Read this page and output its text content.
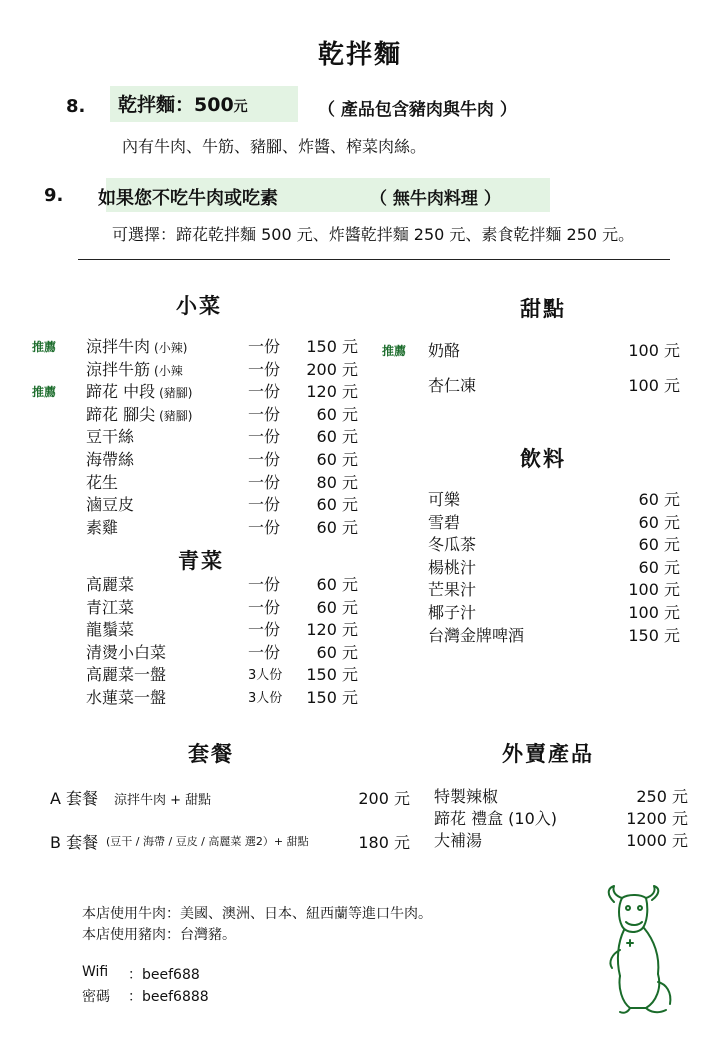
乾拌麵
8.	乾拌麵：500元	（ 產品包含豬肉與牛肉 ）
內有牛肉、牛筋、豬腳、炸醬、榨菜肉絲。
9. 如果您不吃牛肉或吃素	（ 無牛肉料理 ）
可選擇：蹄花乾拌麵 500 元、炸醬乾拌麵 250 元、素食乾拌麵 250 元。
小菜
推薦 涼拌牛肉 (小辣)	一份	150 元
涼拌牛筋 (小辣	一份	200 元
推薦 蹄花 中段 (豬腳)	一份	120 元
蹄花 腳尖 (豬腳)	一份	60 元
豆干絲	一份	60 元
海帶絲	一份	60 元
花生	一份	80 元
滷豆皮	一份	60 元
素雞	一份	60 元
青菜
高麗菜	一份	60 元
青江菜	一份	60 元
龍鬚菜	一份	120 元
清燙小白菜	一份	60 元
高麗菜一盤	3人份	150 元
水蓮菜一盤	3人份	150 元
甜點
推薦 奶酪	100 元
杏仁凍	100 元
飲料
可樂	60 元
雪碧	60 元
冬瓜茶	60 元
楊桃汁	60 元
芒果汁	100 元
椰子汁	100 元
台灣金牌啤酒	150 元
套餐
A 套餐 涼拌牛肉 + 甜點	200 元
B 套餐 (豆干 / 海帶 / 豆皮 / 高麗菜 選2）+ 甜點	180 元
外賣產品
特製辣椒	250 元
蹄花 禮盒 (10入)	1200 元
大補湯	1000 元
本店使用牛肉：美國、澳洲、日本、紐西蘭等進口牛肉。
本店使用豬肉：台灣豬。
Wifi ：beef688
密碼 ：beef6888
